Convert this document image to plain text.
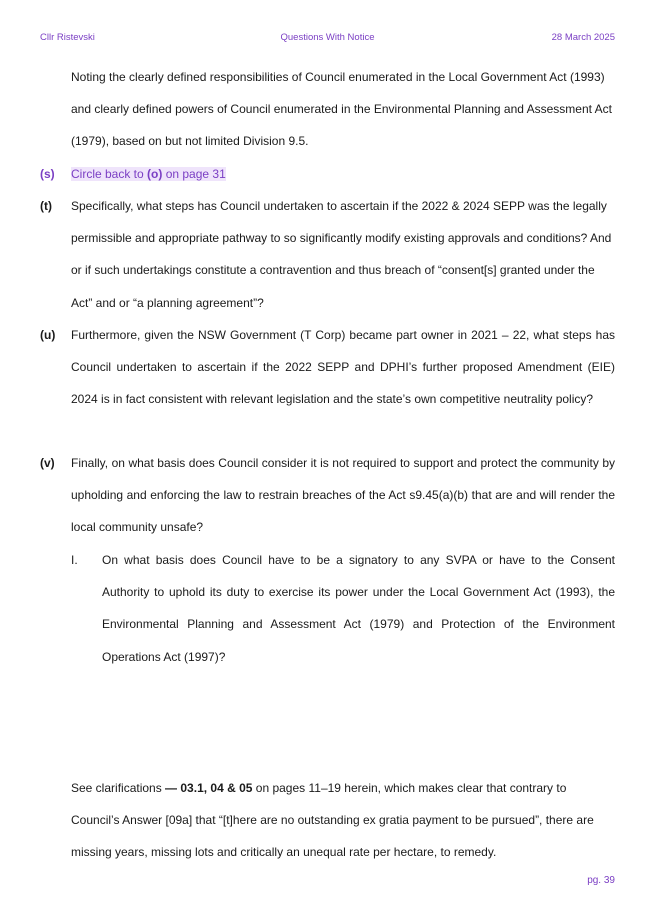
Cllr Ristevski	Questions With Notice	28 March 2025

Noting the clearly defined responsibilities of Council enumerated in the Local Government Act (1993) and clearly defined powers of Council enumerated in the Environmental Planning and Assessment Act (1979), based on but not limited Division 9.5.

(s)	Circle back to (o) on page 31
(t)	Specifically, what steps has Council undertaken to ascertain if the 2022 & 2024 SEPP was the legally permissible and appropriate pathway to so significantly modify existing approvals and conditions? And or if such undertakings constitute a contravention and thus breach of “consent[s] granted under the Act” and or “a planning agreement”?
(u)	Furthermore, given the NSW Government (T Corp) became part owner in 2021 – 22, what steps has Council undertaken to ascertain if the 2022 SEPP and DPHI’s further proposed Amendment (EIE) 2024 is in fact consistent with relevant legislation and the state’s own competitive neutrality policy?
(v)	Finally, on what basis does Council consider it is not required to support and protect the community by upholding and enforcing the law to restrain breaches of the Act s9.45(a)(b) that are and will render the local community unsafe?
I.	On what basis does Council have to be a signatory to any SVPA or have to the Consent Authority to uphold its duty to exercise its power under the Local Government Act (1993), the Environmental Planning and Assessment Act (1979) and Protection of the Environment Operations Act (1997)?
See clarifications — 03.1, 04 & 05 on pages 11–19 herein, which makes clear that contrary to Council’s Answer [09a] that “[t]here are no outstanding ex gratia payment to be pursued”, there are missing years, missing lots and critically an unequal rate per hectare, to remedy.
pg. 39
